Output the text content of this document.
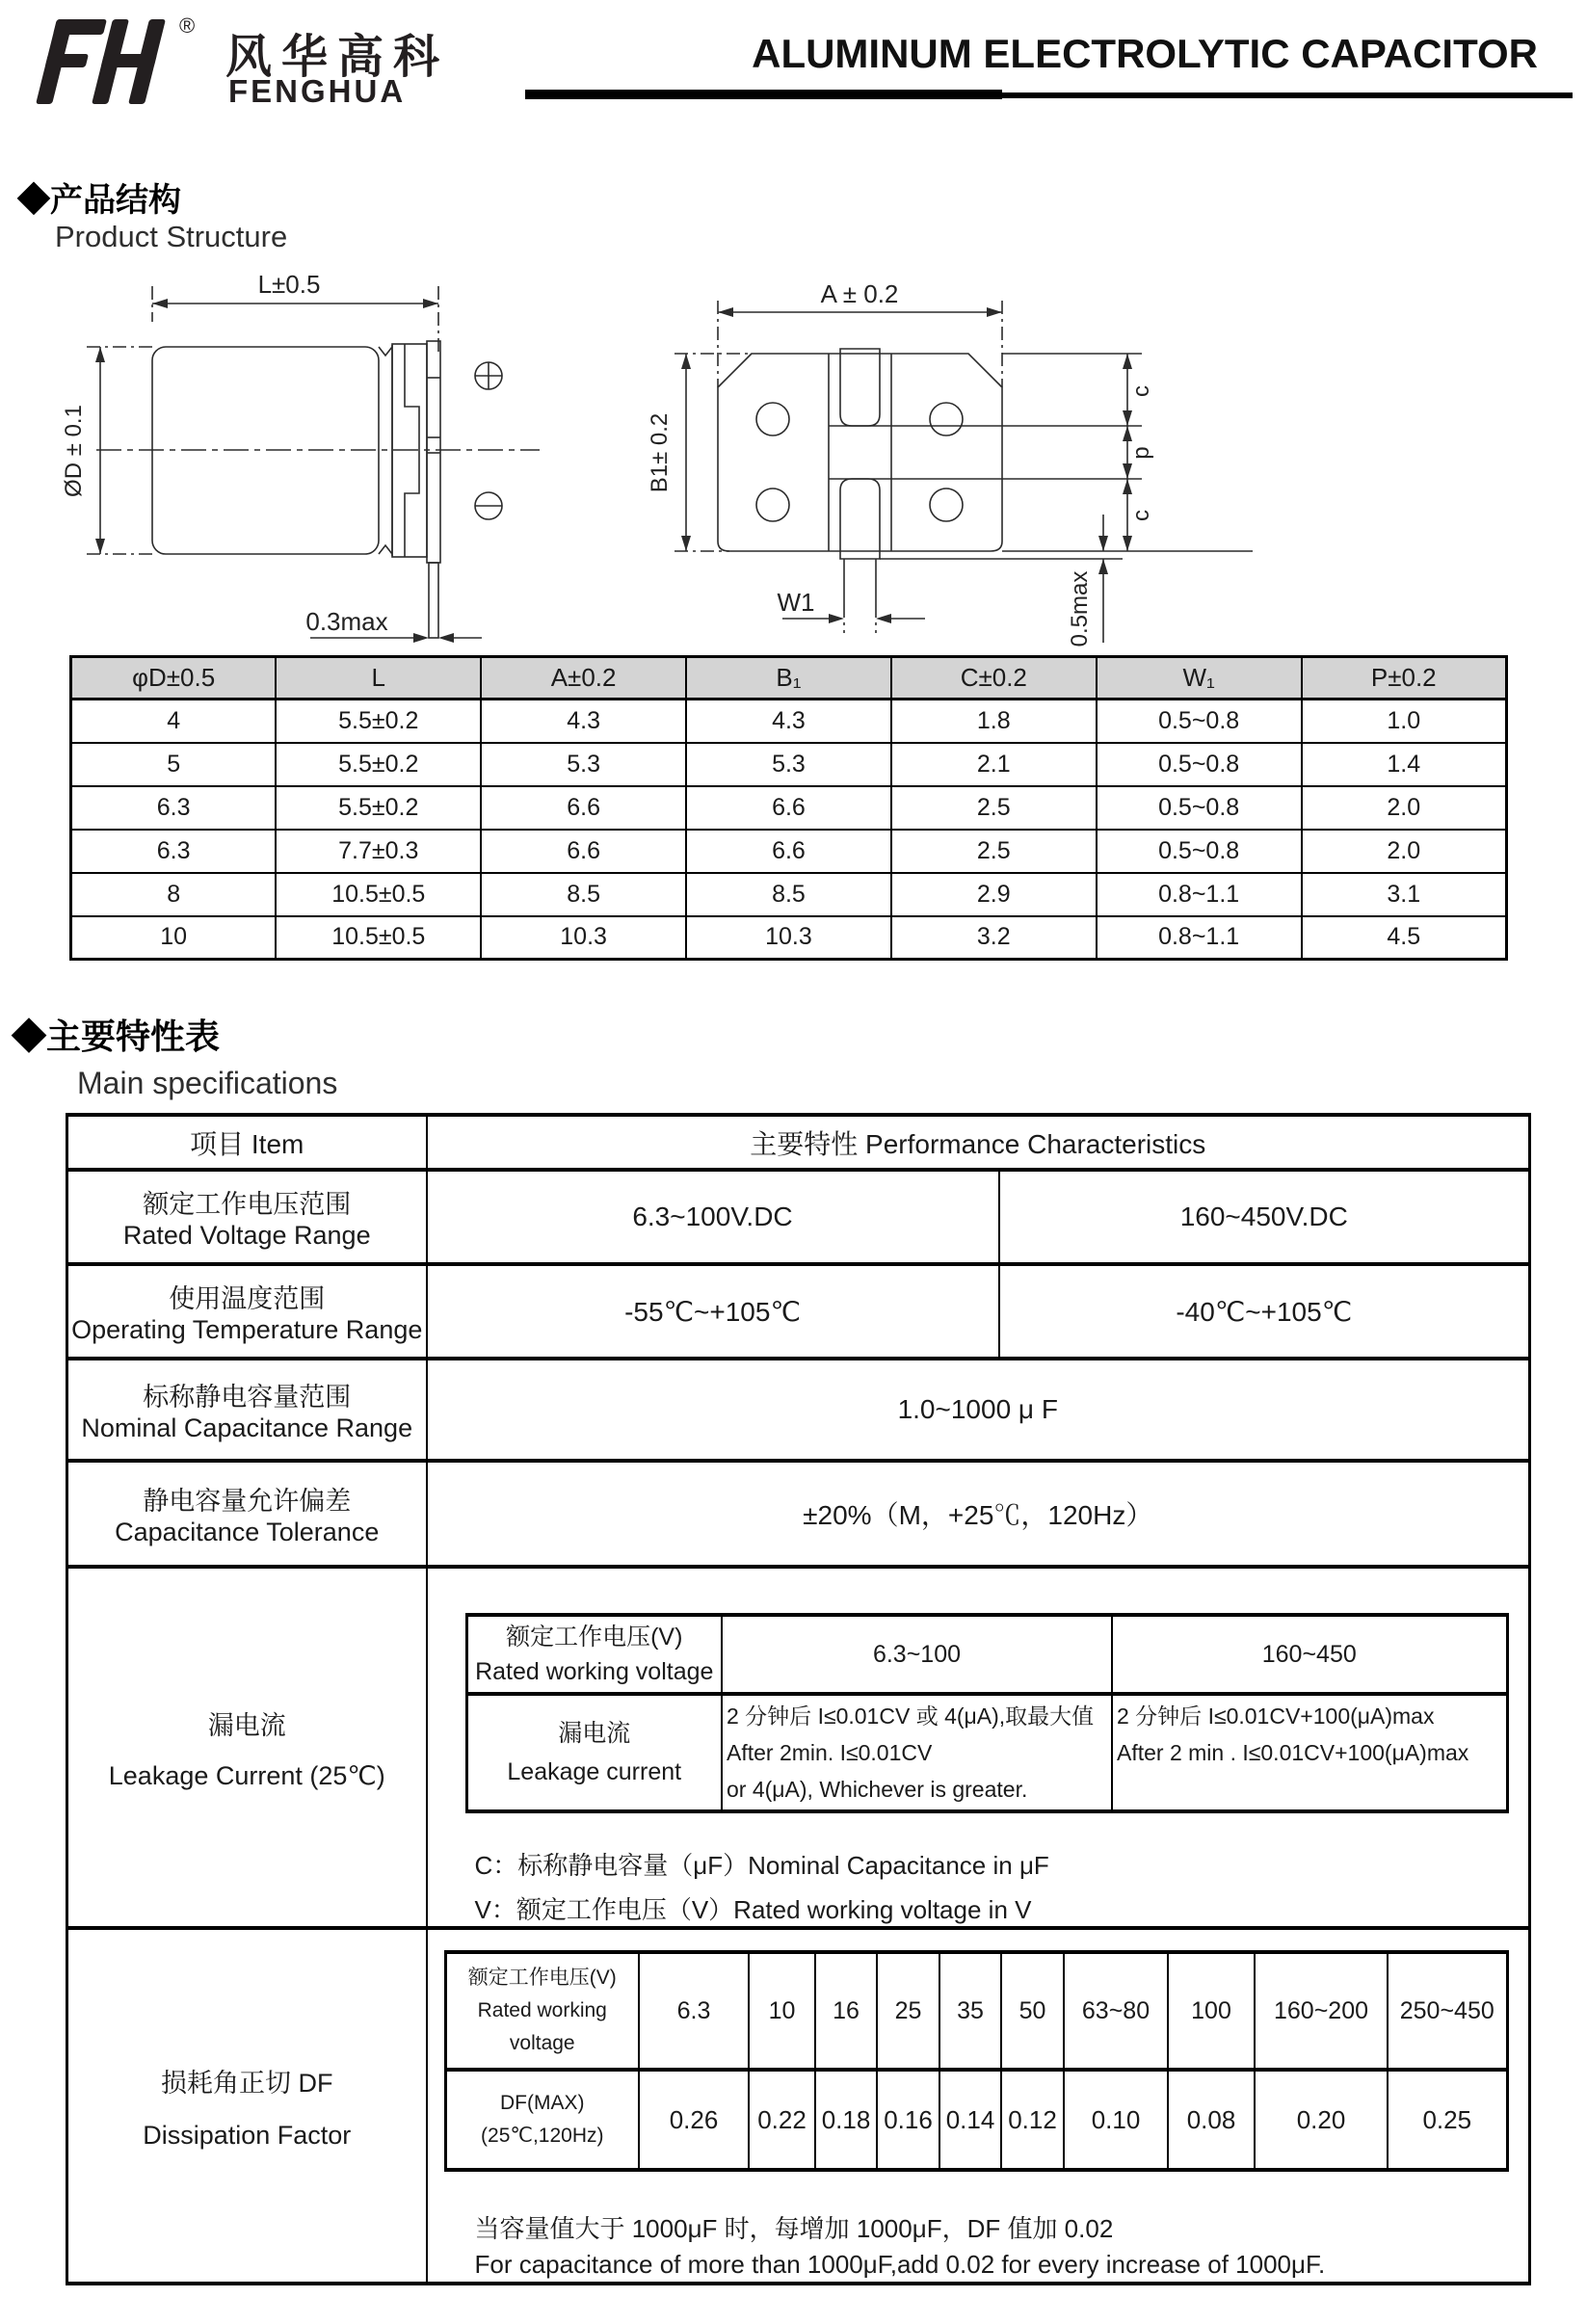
®
风华高科
FENGHUA
ALUMINUM ELECTROLYTIC CAPACITOR
◆产品结构
Product Structure
L±0.5
ØD ± 0.1
0.3max
A ± 0.2
B1± 0.2
c
p
c
0.5max
W1
φD±0.5	L	A±0.2	B₁	C±0.2	W₁	P±0.2
4	5.5±0.2	4.3	4.3	1.8	0.5~0.8	1.0
5	5.5±0.2	5.3	5.3	2.1	0.5~0.8	1.4
6.3	5.5±0.2	6.6	6.6	2.5	0.5~0.8	2.0
6.3	7.7±0.3	6.6	6.6	2.5	0.5~0.8	2.0
8	10.5±0.5	8.5	8.5	2.9	0.8~1.1	3.1
10	10.5±0.5	10.3	10.3	3.2	0.8~1.1	4.5
◆主要特性表
Main specifications
项目 Item	主要特性 Performance Characteristics

额定工作电压范围
Rated Voltage Range
	6.3~100V.DC	160~450V.DC

使用温度范围
Operating Temperature Range
	-55℃~+105℃	-40℃~+105℃

标称静电容量范围
Nominal Capacitance Range
	1.0~1000 μ F

静电容量允许偏差
Capacitance Tolerance
	±20%（M，+25℃，120Hz）

漏电流
Leakage Current (25℃)

额定工作电压(V)
Rated working voltage
	6.3~100	160~450

漏电流
Leakage current

2 分钟后 I≤0.01CV 或 4(μA),取最大值
After 2min. I≤0.01CV
or 4(μA), Whichever is greater.

2 分钟后 I≤0.01CV+100(μA)max
After 2 min . I≤0.01CV+100(μA)max
C：标称静电容量（μF）Nominal Capacitance in μF
V：额定工作电压（V）Rated working voltage in V

损耗角正切 DF
Dissipation Factor

额定工作电压(V)
Rated working
voltage
	6.3	10	16	25	35	50	63~80	100	160~200	250~450

DF(MAX)
(25℃,120Hz)
	0.26	0.22	0.18	0.16	0.14	0.12	0.10	0.08	0.20	0.25
当容量值大于 1000μF 时，每增加 1000μF，DF 值加 0.02
For capacitance of more than 1000μF,add 0.02 for every increase of 1000μF.
